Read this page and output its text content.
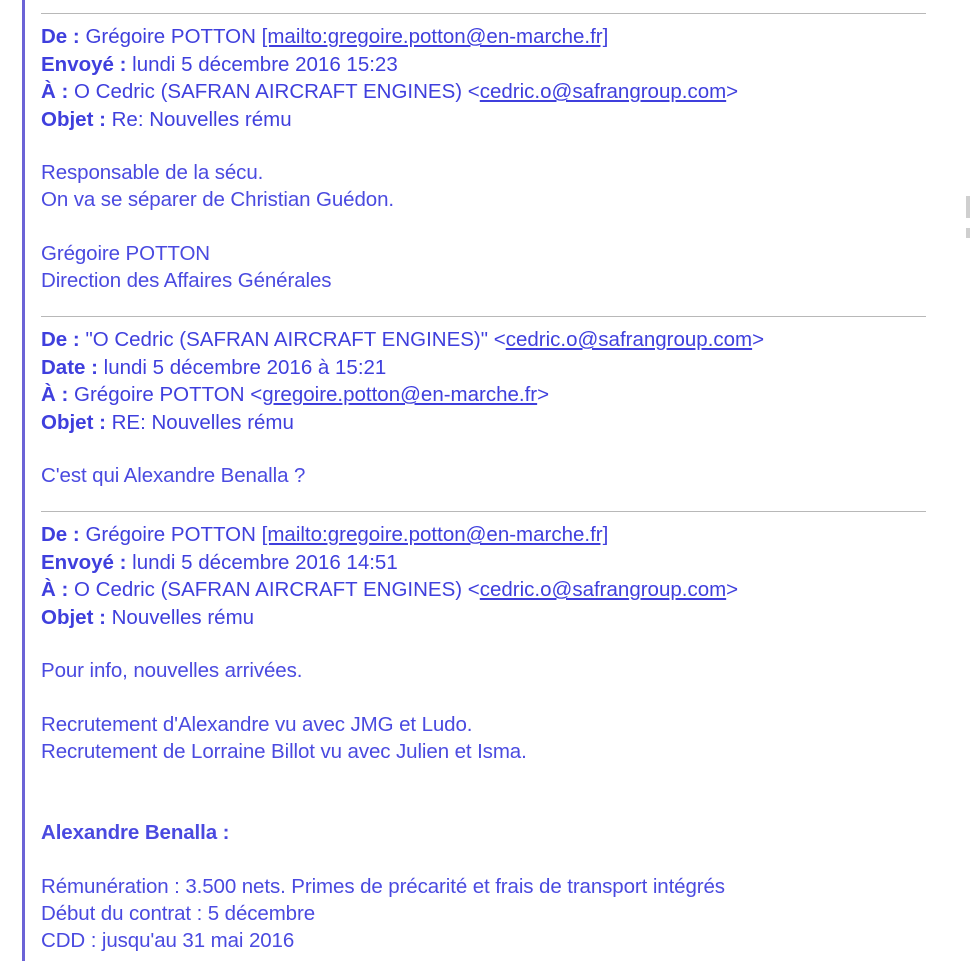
De : Grégoire POTTON [mailto:gregoire.potton@en-marche.fr]
Envoyé : lundi 5 décembre 2016 15:23
À : O Cedric (SAFRAN AIRCRAFT ENGINES) <cedric.o@safrangroup.com>
Objet : Re: Nouvelles rému
Responsable de la sécu.
On va se séparer de Christian Guédon.

Grégoire POTTON
Direction des Affaires Générales
De : "O Cedric (SAFRAN AIRCRAFT ENGINES)" <cedric.o@safrangroup.com>
Date : lundi 5 décembre 2016 à 15:21
À : Grégoire POTTON <gregoire.potton@en-marche.fr>
Objet : RE: Nouvelles rému
C'est qui Alexandre Benalla ?
De : Grégoire POTTON [mailto:gregoire.potton@en-marche.fr]
Envoyé : lundi 5 décembre 2016 14:51
À : O Cedric (SAFRAN AIRCRAFT ENGINES) <cedric.o@safrangroup.com>
Objet : Nouvelles rému
Pour info, nouvelles arrivées.

Recrutement d'Alexandre vu avec JMG et Ludo.
Recrutement de Lorraine Billot vu avec Julien et Isma.

Alexandre Benalla :

Rémunération : 3.500 nets. Primes de précarité et frais de transport intégrés
Début du contrat : 5 décembre
CDD : jusqu'au 31 mai 2016
